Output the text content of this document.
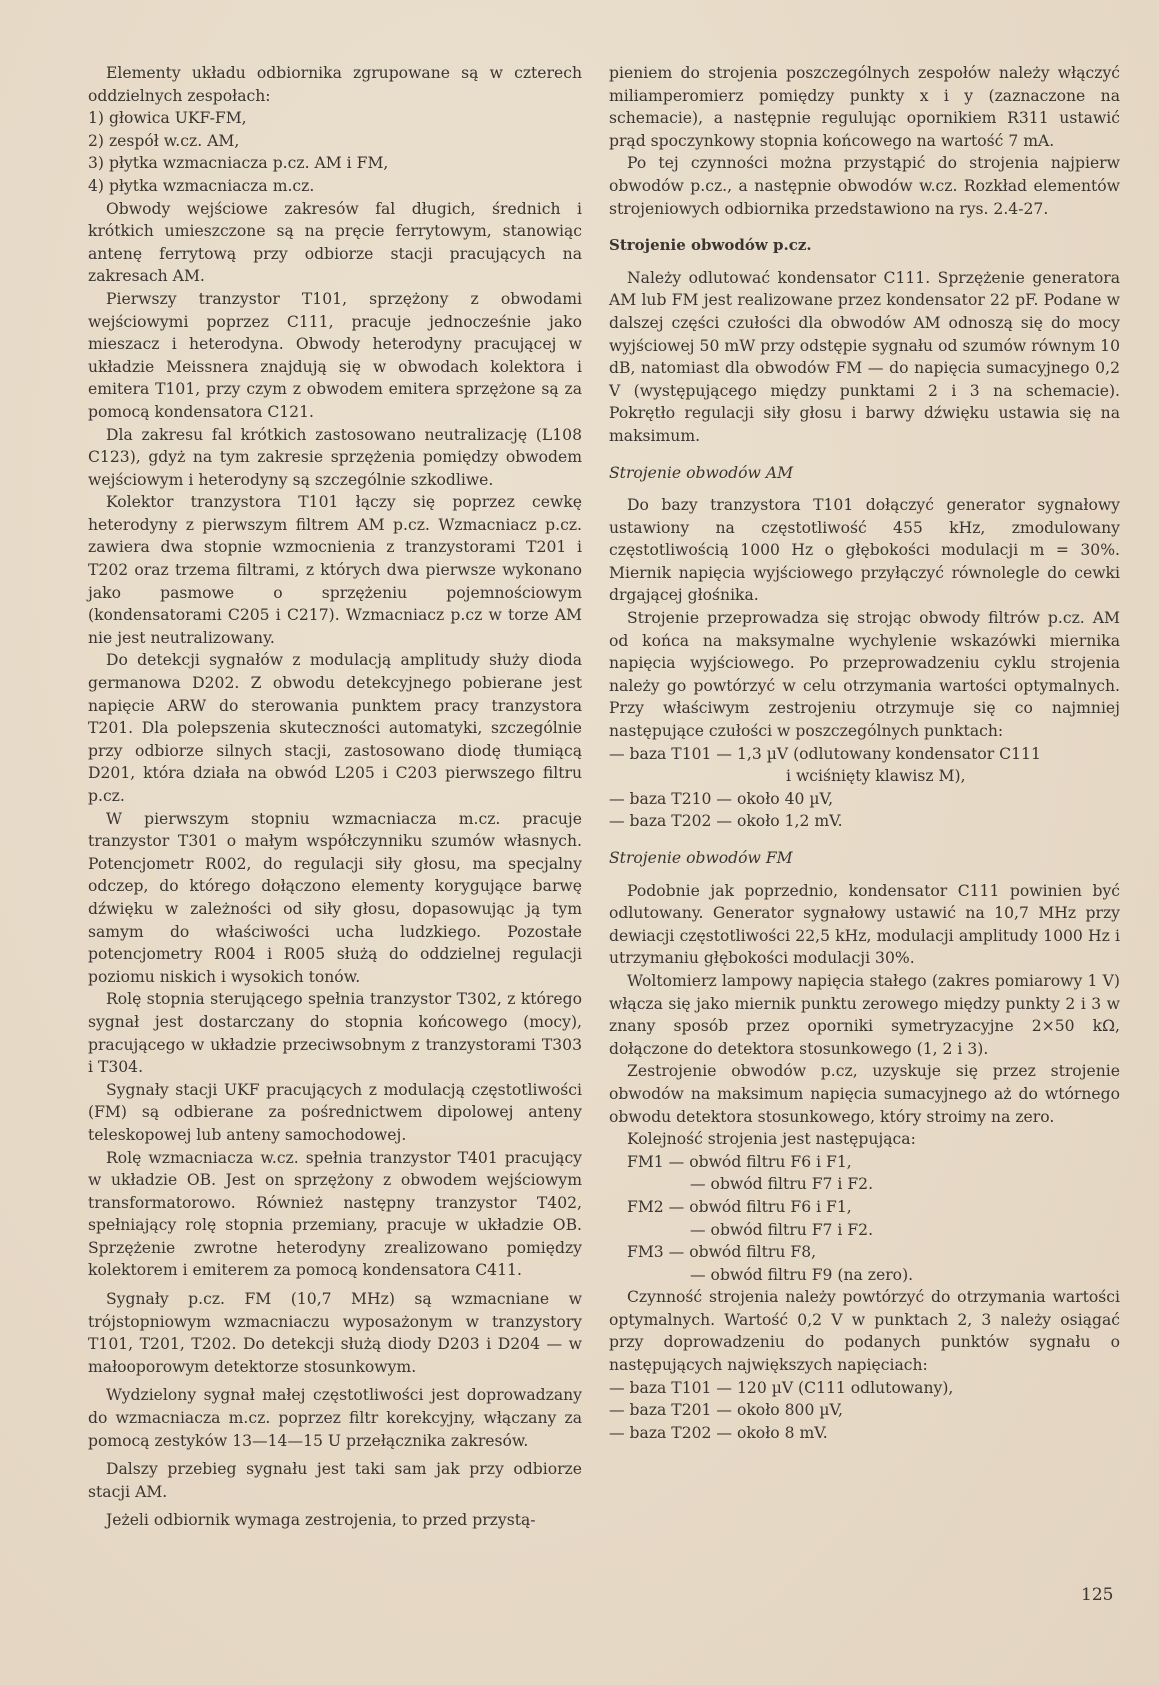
Elementy układu odbiornika zgrupowane są w czterech oddzielnych zespołach:

1) głowica UKF-FM,

2) zespół w.cz. AM,

3) płytka wzmacniacza p.cz. AM i FM,

4) płytka wzmacniacza m.cz.

Obwody wejściowe zakresów fal długich, średnich i krótkich umieszczone są na pręcie ferrytowym, stanowiąc antenę ferrytową przy odbiorze stacji pracujących na zakresach AM.

Pierwszy tranzystor T101, sprzężony z obwodami wejściowymi poprzez C111, pracuje jednocześnie jako mieszacz i heterodyna. Obwody heterodyny pracującej w układzie Meissnera znajdują się w obwodach kolektora i emitera T101, przy czym z obwodem emitera sprzężone są za pomocą kondensatora C121.

Dla zakresu fal krótkich zastosowano neutralizację (L108 C123), gdyż na tym zakresie sprzężenia pomiędzy obwodem wejściowym i heterodyny są szczególnie szkodliwe.

Kolektor tranzystora T101 łączy się poprzez cewkę heterodyny z pierwszym filtrem AM p.cz. Wzmacniacz p.cz. zawiera dwa stopnie wzmocnienia z tranzystorami T201 i T202 oraz trzema filtrami, z których dwa pierwsze wykonano jako pasmowe o sprzężeniu pojemnościowym (kondensatorami C205 i C217). Wzmacniacz p.cz w torze AM nie jest neutralizowany.

Do detekcji sygnałów z modulacją amplitudy służy dioda germanowa D202. Z obwodu detekcyjnego pobierane jest napięcie ARW do sterowania punktem pracy tranzystora T201. Dla polepszenia skuteczności automatyki, szczególnie przy odbiorze silnych stacji, zastosowano diodę tłumiącą D201, która działa na obwód L205 i C203 pierwszego filtru p.cz.

W pierwszym stopniu wzmacniacza m.cz. pracuje tranzystor T301 o małym współczynniku szumów własnych. Potencjometr R002, do regulacji siły głosu, ma specjalny odczep, do którego dołączono elementy korygujące barwę dźwięku w zależności od siły głosu, dopasowując ją tym samym do właściwości ucha ludzkiego. Pozostałe potencjometry R004 i R005 służą do oddzielnej regulacji poziomu niskich i wysokich tonów.

Rolę stopnia sterującego spełnia tranzystor T302, z którego sygnał jest dostarczany do stopnia końcowego (mocy), pracującego w układzie przeciwsobnym z tranzystorami T303 i T304.

Sygnały stacji UKF pracujących z modulacją częstotliwości (FM) są odbierane za pośrednictwem dipolowej anteny teleskopowej lub anteny samochodowej.

Rolę wzmacniacza w.cz. spełnia tranzystor T401 pracujący w układzie OB. Jest on sprzężony z obwodem wejściowym transformatorowo. Również następny tranzystor T402, spełniający rolę stopnia przemiany, pracuje w układzie OB. Sprzężenie zwrotne heterodyny zrealizowano pomiędzy kolektorem i emiterem za pomocą kondensatora C411.

Sygnały p.cz. FM (10,7 MHz) są wzmacniane w trójstopniowym wzmacniaczu wyposażonym w tranzystory T101, T201, T202. Do detekcji służą diody D203 i D204 — w małooporowym detektorze stosunkowym.

Wydzielony sygnał małej częstotliwości jest doprowadzany do wzmacniacza m.cz. poprzez filtr korekcyjny, włączany za pomocą zestyków 13—14—15 U przełącznika zakresów.

Dalszy przebieg sygnału jest taki sam jak przy odbiorze stacji AM.

Jeżeli odbiornik wymaga zestrojenia, to przed przystą-

pieniem do strojenia poszczególnych zespołów należy włączyć miliamperomierz pomiędzy punkty x i y (zaznaczone na schemacie), a następnie regulując opornikiem R311 ustawić prąd spoczynkowy stopnia końcowego na wartość 7 mA.

Po tej czynności można przystąpić do strojenia najpierw obwodów p.cz., a następnie obwodów w.cz. Rozkład elementów strojeniowych odbiornika przedstawiono na rys. 2.4-27.

Strojenie obwodów p.cz.

Należy odlutować kondensator C111. Sprzężenie generatora AM lub FM jest realizowane przez kondensator 22 pF. Podane w dalszej części czułości dla obwodów AM odnoszą się do mocy wyjściowej 50 mW przy odstępie sygnału od szumów równym 10 dB, natomiast dla obwodów FM — do napięcia sumacyjnego 0,2 V (występującego między punktami 2 i 3 na schemacie). Pokrętło regulacji siły głosu i barwy dźwięku ustawia się na maksimum.

Strojenie obwodów AM

Do bazy tranzystora T101 dołączyć generator sygnałowy ustawiony na częstotliwość 455 kHz, zmodulowany częstotliwością 1000 Hz o głębokości modulacji m = 30%. Miernik napięcia wyjściowego przyłączyć równolegle do cewki drgającej głośnika.

Strojenie przeprowadza się strojąc obwody filtrów p.cz. AM od końca na maksymalne wychylenie wskazówki miernika napięcia wyjściowego. Po przeprowadzeniu cyklu strojenia należy go powtórzyć w celu otrzymania wartości optymalnych. Przy właściwym zestrojeniu otrzymuje się co najmniej następujące czułości w poszczególnych punktach:

— baza T101 — 1,3 µV (odlutowany kondensator C111
i wciśnięty klawisz M),
— baza T210 — około 40 µV,
— baza T202 — około 1,2 mV.
Strojenie obwodów FM

Podobnie jak poprzednio, kondensator C111 powinien być odlutowany. Generator sygnałowy ustawić na 10,7 MHz przy dewiacji częstotliwości 22,5 kHz, modulacji amplitudy 1000 Hz i utrzymaniu głębokości modulacji 30%.

Woltomierz lampowy napięcia stałego (zakres pomiarowy 1 V) włącza się jako miernik punktu zerowego między punkty 2 i 3 w znany sposób przez oporniki symetryzacyjne 2×50 kΩ, dołączone do detektora stosunkowego (1, 2 i 3).

Zestrojenie obwodów p.cz, uzyskuje się przez strojenie obwodów na maksimum napięcia sumacyjnego aż do wtórnego obwodu detektora stosunkowego, który stroimy na zero.

Kolejność strojenia jest następująca:
FM1 — obwód filtru F6 i F1,
— obwód filtru F7 i F2.
FM2 — obwód filtru F6 i F1,
— obwód filtru F7 i F2.
FM3 — obwód filtru F8,
— obwód filtru F9 (na zero).

Czynność strojenia należy powtórzyć do otrzymania wartości optymalnych. Wartość 0,2 V w punktach 2, 3 należy osiągać przy doprowadzeniu do podanych punktów sygnału o następujących największych napięciach:

— baza T101 — 120 µV (C111 odlutowany),
— baza T201 — około 800 µV,
— baza T202 — około 8 mV.
125
